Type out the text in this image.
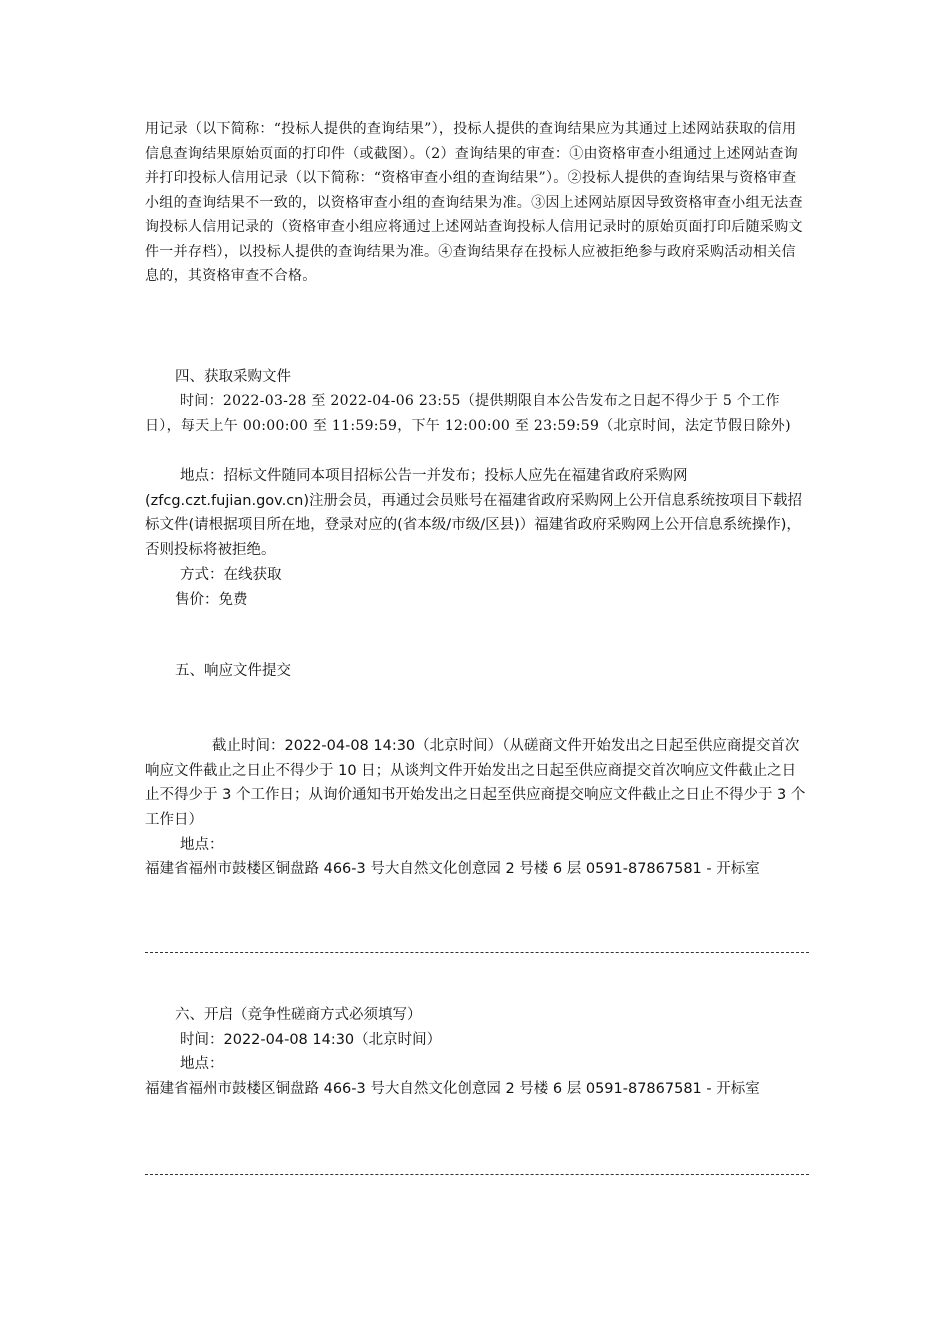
用记录（以下简称：“投标人提供的查询结果”），投标人提供的查询结果应为其通过上述网站获取的信用信息查询结果原始页面的打印件（或截图）。（2）查询结果的审查：①由资格审查小组通过上述网站查询并打印投标人信用记录（以下简称：“资格审查小组的查询结果”）。②投标人提供的查询结果与资格审查小组的查询结果不一致的，以资格审查小组的查询结果为准。③因上述网站原因导致资格审查小组无法查询投标人信用记录的（资格审查小组应将通过上述网站查询投标人信用记录时的原始页面打印后随采购文件一并存档），以投标人提供的查询结果为准。④查询结果存在投标人应被拒绝参与政府采购活动相关信息的，其资格审查不合格。

四、获取采购文件

时间：2022-03-28 至 2022-04-06 23:55（提供期限自本公告发布之日起不得少于 5 个工作日），每天上午 00:00:00 至 11:59:59，下午 12:00:00 至 23:59:59（北京时间，法定节假日除外)

地点：招标文件随同本项目招标公告一并发布；投标人应先在福建省政府采购网(zfcg.czt.fujian.gov.cn)注册会员，再通过会员账号在福建省政府采购网上公开信息系统按项目下载招标文件(请根据项目所在地，登录对应的(省本级/市级/区县)）福建省政府采购网上公开信息系统操作)，否则投标将被拒绝。

方式：在线获取

售价：免费

五、响应文件提交

截止时间：2022-04-08 14:30（北京时间）（从磋商文件开始发出之日起至供应商提交首次响应文件截止之日止不得少于 10 日；从谈判文件开始发出之日起至供应商提交首次响应文件截止之日止不得少于 3 个工作日；从询价通知书开始发出之日起至供应商提交响应文件截止之日止不得少于 3 个工作日）

地点：

福建省福州市鼓楼区铜盘路 466-3 号大自然文化创意园 2 号楼 6 层 0591-87867581 - 开标室

六、开启（竞争性磋商方式必须填写）

时间：2022-04-08 14:30（北京时间）

地点：

福建省福州市鼓楼区铜盘路 466-3 号大自然文化创意园 2 号楼 6 层 0591-87867581 - 开标室
